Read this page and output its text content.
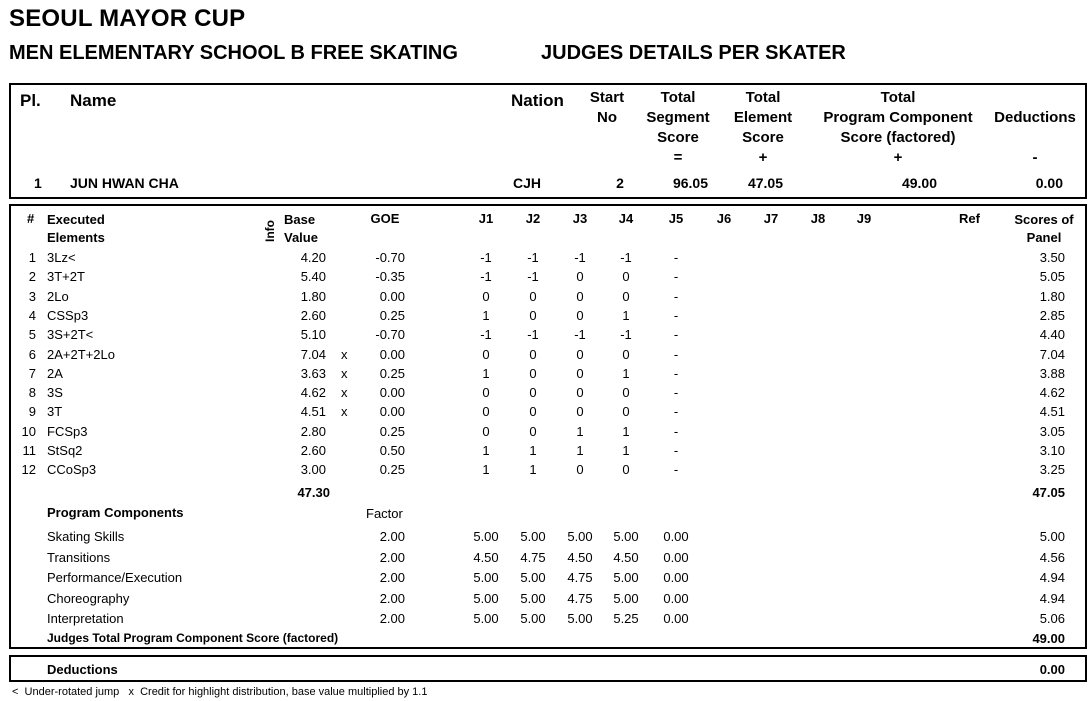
SEOUL MAYOR CUP
MEN ELEMENTARY SCHOOL B FREE SKATING	JUDGES DETAILS PER SKATER
Pl. Name	Nation	Start
No
Total
Segment
Score
=
Total
Element
Score
+
Total
Program Component
Score (factored)
+
Deductions
-
1 JUN HWAN CHA	CJH	2	96.05	47.05	49.00	0.00
# Executed
Elements	Info
Base
Value
GOE	J1	J2	J3	J4	J5	J6	J7	J8	J9	Ref	Scores of
Panel
1 3Lz<	4.20	-0.70	-1	-1	-1	-1	-	3.50
2 3T+2T	5.40	-0.35	-1	-1	0	0	-	5.05
3 2Lo	1.80	0.00	0	0	0	0	-	1.80
4 CSSp3	2.60	0.25	1	0	0	1	-	2.85
5 3S+2T<	5.10	-0.70	-1	-1	-1	-1	-	4.40
6 2A+2T+2Lo	7.04 x	0.00	0	0	0	0	-	7.04
7 2A	3.63 x	0.25	1	0	0	1	-	3.88
8 3S	4.62 x	0.00	0	0	0	0	-	4.62
9 3T	4.51 x	0.00	0	0	0	0	-	4.51
10 FCSp3	2.80	0.25	0	0	1	1	-	3.05
11 StSq2	2.60	0.50	1	1	1	1	-	3.10
12 CCoSp3	3.00	0.25	1	1	0	0	-	3.25
47.30	47.05
Program Components	Factor
Skating Skills	2.00	5.00	5.00	5.00	5.00	0.00	5.00
Transitions	2.00	4.50	4.75	4.50	4.50	0.00	4.56
Performance/Execution	2.00	5.00	5.00	4.75	5.00	0.00	4.94
Choreography	2.00	5.00	5.00	4.75	5.00	0.00	4.94
Interpretation	2.00	5.00	5.00	5.00	5.25	0.00	5.06
Judges Total Program Component Score (factored)	49.00
Deductions	0.00
<  Under-rotated jump   x  Credit for highlight distribution, base value multiplied by 1.1
